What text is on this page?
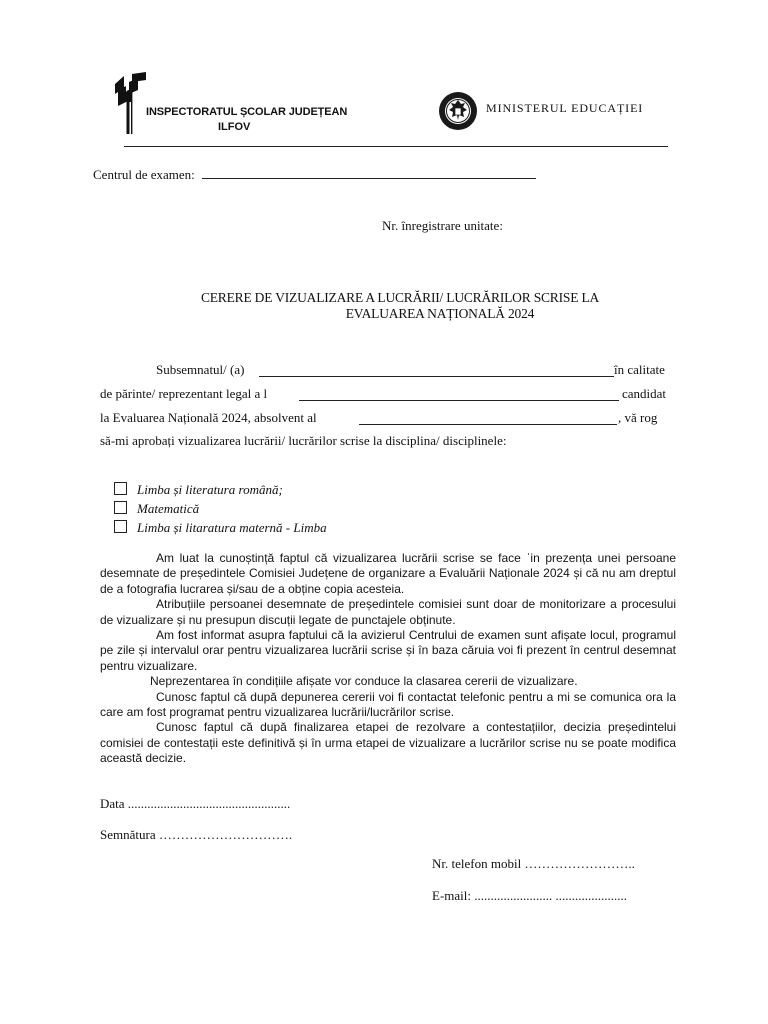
INSPECTORATUL ȘCOLAR JUDEȚEAN
ILFOV
MINISTERUL EDUCAȚIEI
Centrul de examen:
Nr. înregistrare unitate:
CERERE DE VIZUALIZARE A LUCRĂRII/ LUCRĂRILOR SCRISE LA
EVALUAREA NAȚIONALĂ 2024
Subsemnatul/ (a)	în calitate
de părinte/ reprezentant legal a l	candidat
la Evaluarea Națională 2024, absolvent al	, vă rog
să-mi aprobați vizualizarea lucrării/ lucrărilor scrise la disciplina/ disciplinele:
Limba și literatura română;
Matematică
Limba și litaratura maternă - Limba

Am luat la cunoștință faptul că vizualizarea lucrării scrise se face ˈin prezența unei persoane desemnate de președintele Comisiei Județene de organizare a Evaluării Naționale 2024 și că nu am dreptul de a fotografia lucrarea și/sau de a obține copia acesteia.

Atribuțiile persoanei desemnate de președintele comisiei sunt doar de monitorizare a procesului de vizualizare și nu presupun discuții legate de punctajele obținute.

Am fost informat asupra faptului că la avizierul Centrului de examen sunt afișate locul, programul pe zile și intervalul orar pentru vizualizarea lucrării scrise și în baza căruia voi fi prezent în centrul desemnat pentru vizualizare.

Neprezentarea în condițiile afișate vor conduce la clasarea cererii de vizualizare.

Cunosc faptul că după depunerea cererii voi fi contactat telefonic pentru a mi se comunica ora la care am fost programat pentru vizualizarea lucrării/lucrărilor scrise.

Cunosc faptul că după finalizarea etapei de rezolvare a contestațiilor, decizia președintelui comisiei de contestații este definitivă și în urma etapei de vizualizare a lucrărilor scrise nu se poate modifica această decizie.

Data ..................................................
Semnătura ………………………….
Nr. telefon mobil ……………………..
E-mail: ........................ ......................
